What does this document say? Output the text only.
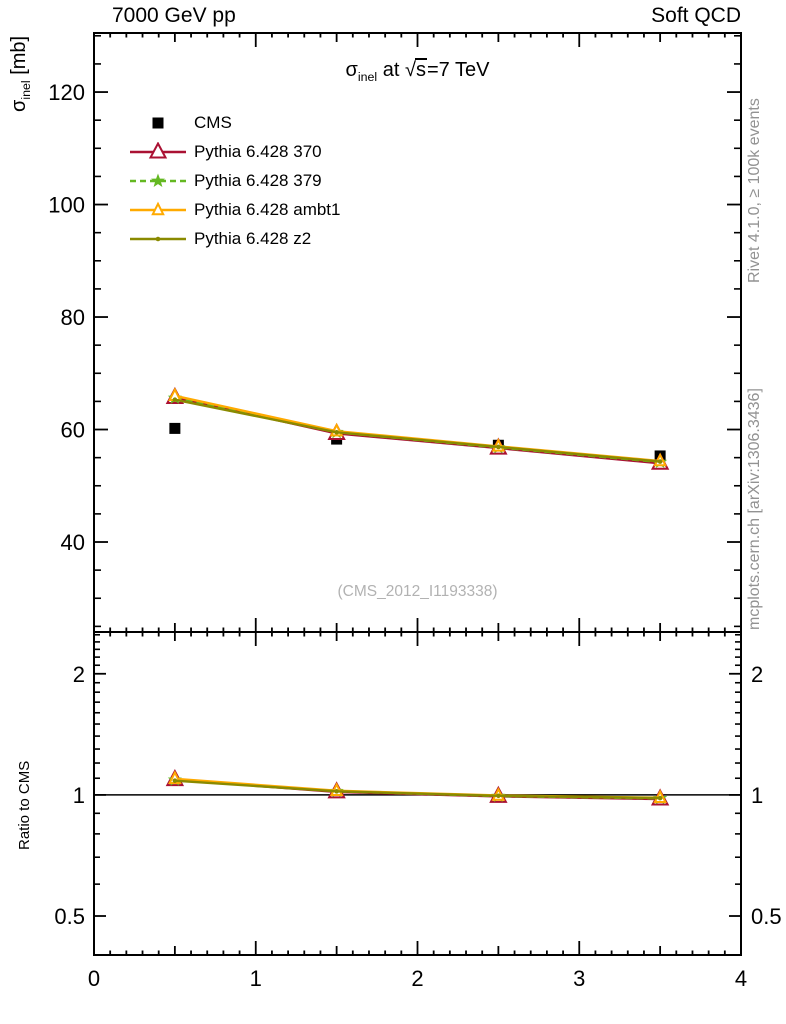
40
60
80
100
120
0.5	0.5
1	1
2	2
0	1	2	3	4
7000 GeV pp	Soft QCD
$\sigma_{inel}$ [mb]	$\sigma_{inel}$ at √s=7 TeV
CMS
Pythia 6.428 370
Pythia 6.428 379
Pythia 6.428 ambt1
Pythia 6.428 z2
(CMS_2012_I1193338)
Rivet 4.1.0, ≥ 100k events
mcplots.cern.ch [arXiv:1306.3436]
Ratio to CMS
